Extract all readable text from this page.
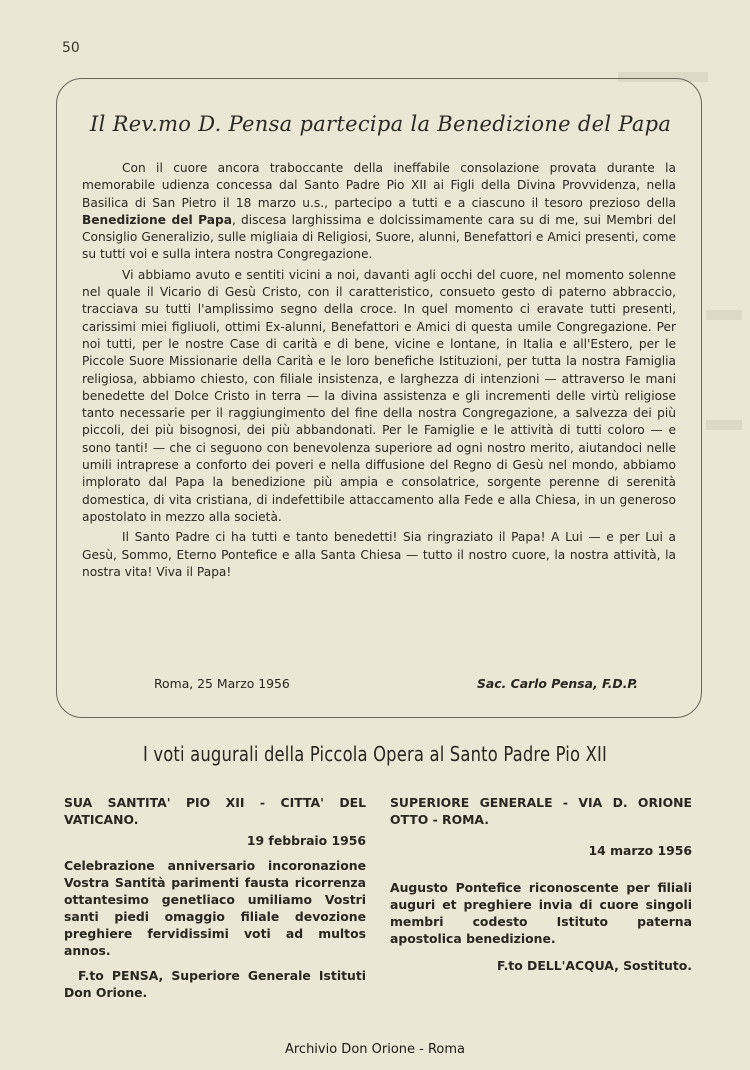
50
Il Rev.mo D. Pensa partecipa la Benedizione del Papa

Con il cuore ancora traboccante della ineffabile consolazione provata durante la memorabile udienza concessa dal Santo Padre Pio XII ai Figli della Divina Provvidenza, nella Basilica di San Pietro il 18 marzo u.s., partecipo a tutti e a ciascuno il tesoro prezioso della Benedizione del Papa, discesa larghissima e dolcissimamente cara su di me, sui Membri del Consiglio Generalizio, sulle migliaia di Religiosi, Suore, alunni, Benefattori e Amici presenti, come su tutti voi e sulla intera nostra Congregazione.

Vi abbiamo avuto e sentiti vicini a noi, davanti agli occhi del cuore, nel momento solenne nel quale il Vicario di Gesù Cristo, con il caratteristico, consueto gesto di paterno abbraccio, tracciava su tutti l'amplissimo segno della croce. In quel momento ci eravate tutti presenti, carissimi miei figliuoli, ottimi Ex-alunni, Benefattori e Amici di questa umile Congregazione. Per noi tutti, per le nostre Case di carità e di bene, vicine e lontane, in Italia e all'Estero, per le Piccole Suore Missionarie della Carità e le loro benefiche Istituzioni, per tutta la nostra Famiglia religiosa, abbiamo chiesto, con filiale insistenza, e larghezza di intenzioni — attraverso le mani benedette del Dolce Cristo in terra — la divina assistenza e gli incrementi delle virtù religiose tanto necessarie per il raggiungimento del fine della nostra Congregazione, a salvezza dei più piccoli, dei più bisognosi, dei più abbandonati. Per le Famiglie e le attività di tutti coloro — e sono tanti! — che ci seguono con benevolenza superiore ad ogni nostro merito, aiutandoci nelle umili intraprese a conforto dei poveri e nella diffusione del Regno di Gesù nel mondo, abbiamo implorato dal Papa la benedizione più ampia e consolatrice, sorgente perenne di serenità domestica, di vita cristiana, di indefettibile attaccamento alla Fede e alla Chiesa, in un generoso apostolato in mezzo alla società.

Il Santo Padre ci ha tutti e tanto benedetti! Sia ringraziato il Papa! A Lui — e per Lui a Gesù, Sommo, Eterno Pontefice e alla Santa Chiesa — tutto il nostro cuore, la nostra attività, la nostra vita! Viva il Papa!

Roma, 25 Marzo 1956	Sac. Carlo Pensa, F.D.P.
I voti augurali della Piccola Opera al Santo Padre Pio XII

SUA SANTITA' PIO XII - CITTA' DEL VATICANO.

19 febbraio 1956

Celebrazione anniversario incoronazione Vostra Santità parimenti fausta ricorrenza ottantesimo genetliaco umiliamo Vostri santi piedi omaggio filiale devozione preghiere fervidissimi voti ad multos annos.

F.to PENSA, Superiore Generale Istituti Don Orione.

SUPERIORE GENERALE - VIA D. ORIONE OTTO - ROMA.

14 marzo 1956

Augusto Pontefice riconoscente per filiali auguri et preghiere invia di cuore singoli membri codesto Istituto paterna apostolica benedizione.

F.to DELL'ACQUA, Sostituto.

Archivio Don Orione - Roma
